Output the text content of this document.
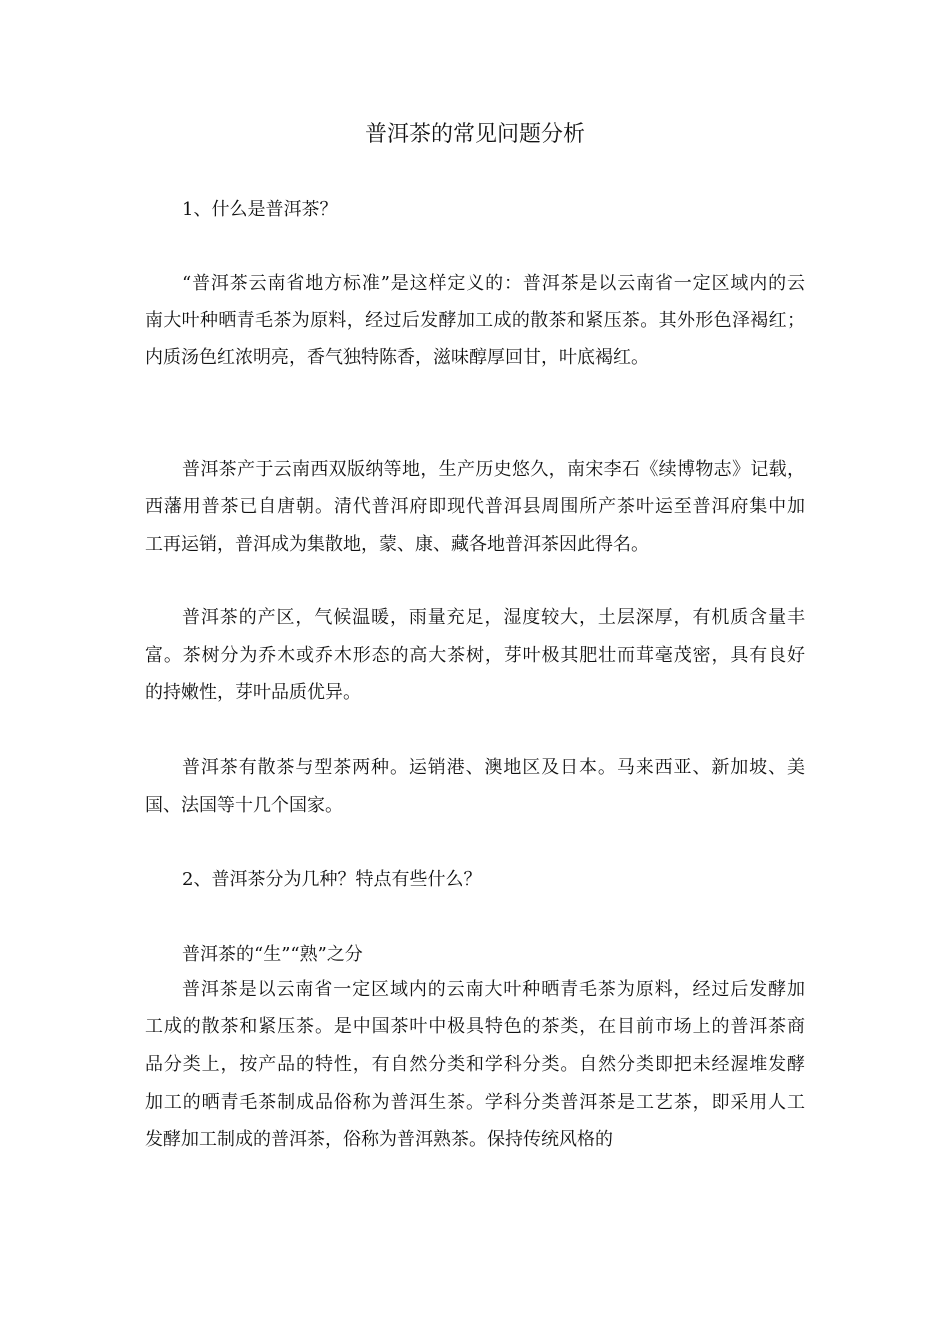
普洱茶的常见问题分析
1、什么是普洱茶？
“普洱茶云南省地方标准”是这样定义的：普洱茶是以云南省一定区域内的云
南大叶种晒青毛茶为原料，经过后发酵加工成的散茶和紧压茶。其外形色泽褐红；
内质汤色红浓明亮，香气独特陈香，滋味醇厚回甘，叶底褐红。
普洱茶产于云南西双版纳等地，生产历史悠久，南宋李石《续博物志》记载，
西藩用普茶已自唐朝。清代普洱府即现代普洱县周围所产茶叶运至普洱府集中加
工再运销，普洱成为集散地，蒙、康、藏各地普洱茶因此得名。
普洱茶的产区，气候温暖，雨量充足，湿度较大，土层深厚，有机质含量丰
富。茶树分为乔木或乔木形态的高大茶树，芽叶极其肥壮而茸毫茂密，具有良好
的持嫩性，芽叶品质优异。
普洱茶有散茶与型茶两种。运销港、澳地区及日本。马来西亚、新加坡、美
国、法国等十几个国家。
2、普洱茶分为几种？特点有些什么？
普洱茶的“生”“熟”之分
普洱茶是以云南省一定区域内的云南大叶种晒青毛茶为原料，经过后发酵加
工成的散茶和紧压茶。是中国茶叶中极具特色的茶类，在目前市场上的普洱茶商
品分类上，按产品的特性，有自然分类和学科分类。自然分类即把未经渥堆发酵
加工的晒青毛茶制成品俗称为普洱生茶。学科分类普洱茶是工艺茶，即采用人工
发酵加工制成的普洱茶，俗称为普洱熟茶。保持传统风格的
